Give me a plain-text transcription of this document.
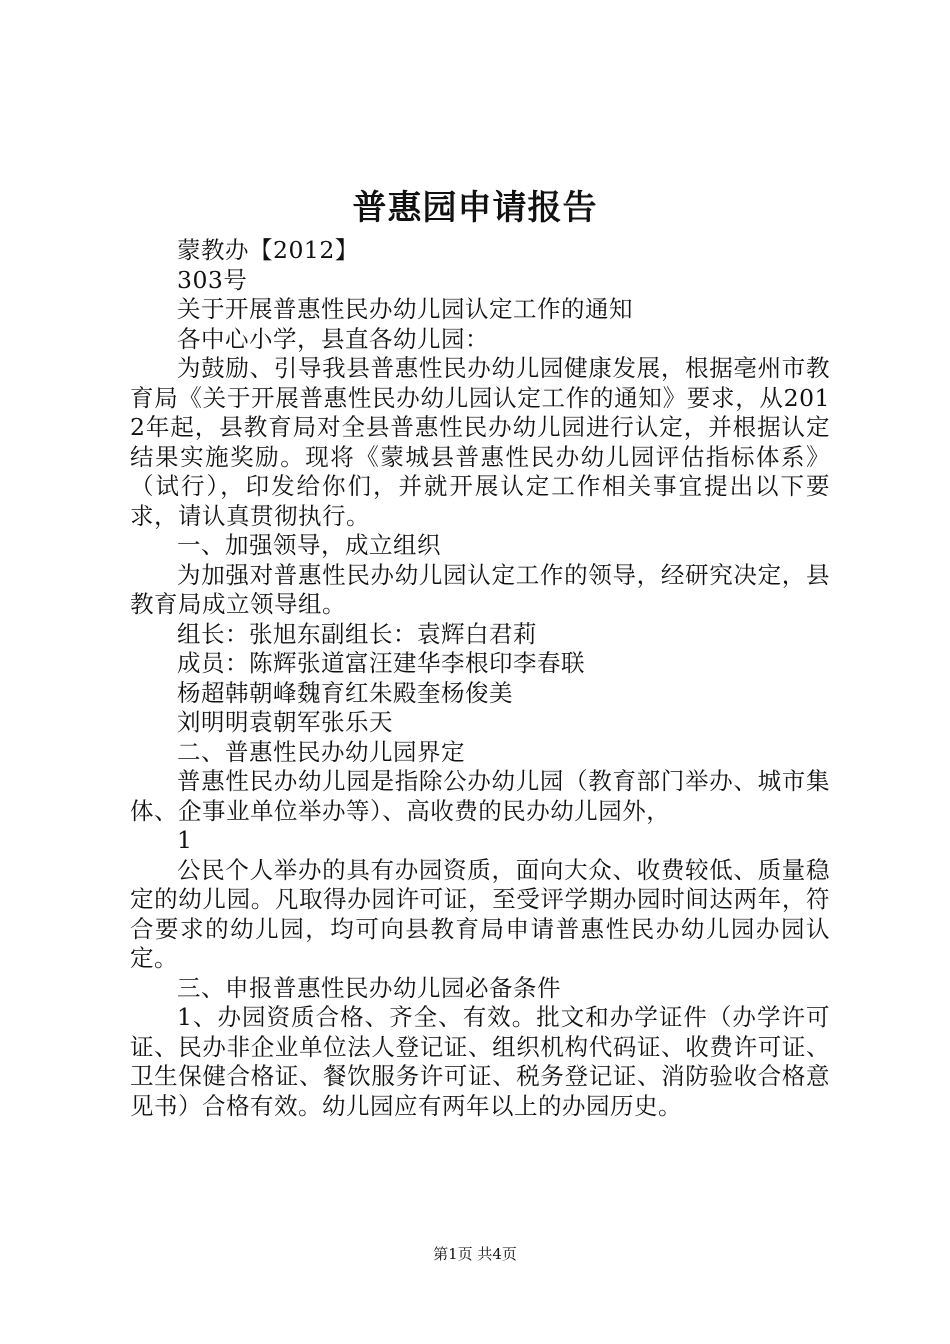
普惠园申请报告

蒙教办【2012】

303号

关于开展普惠性民办幼儿园认定工作的通知

各中心小学，县直各幼儿园：

为鼓励、引导我县普惠性民办幼儿园健康发展，根据亳州市教育局《关于开展普惠性民办幼儿园认定工作的通知》要求，从2012年起，县教育局对全县普惠性民办幼儿园进行认定，并根据认定结果实施奖励。现将《蒙城县普惠性民办幼儿园评估指标体系》（试行），印发给你们，并就开展认定工作相关事宜提出以下要求，请认真贯彻执行。

一、加强领导，成立组织

为加强对普惠性民办幼儿园认定工作的领导，经研究决定，县教育局成立领导组。

组长：张旭东副组长：袁辉白君莉

成员：陈辉张道富汪建华李根印李春联

杨超韩朝峰魏育红朱殿奎杨俊美

刘明明袁朝军张乐天

二、普惠性民办幼儿园界定

普惠性民办幼儿园是指除公办幼儿园（教育部门举办、城市集体、企事业单位举办等）、高收费的民办幼儿园外，

1

公民个人举办的具有办园资质，面向大众、收费较低、质量稳定的幼儿园。凡取得办园许可证，至受评学期办园时间达两年，符合要求的幼儿园，均可向县教育局申请普惠性民办幼儿园办园认定。

三、申报普惠性民办幼儿园必备条件

1、办园资质合格、齐全、有效。批文和办学证件（办学许可证、民办非企业单位法人登记证、组织机构代码证、收费许可证、卫生保健合格证、餐饮服务许可证、税务登记证、消防验收合格意见书）合格有效。幼儿园应有两年以上的办园历史。

第1页 共4页
